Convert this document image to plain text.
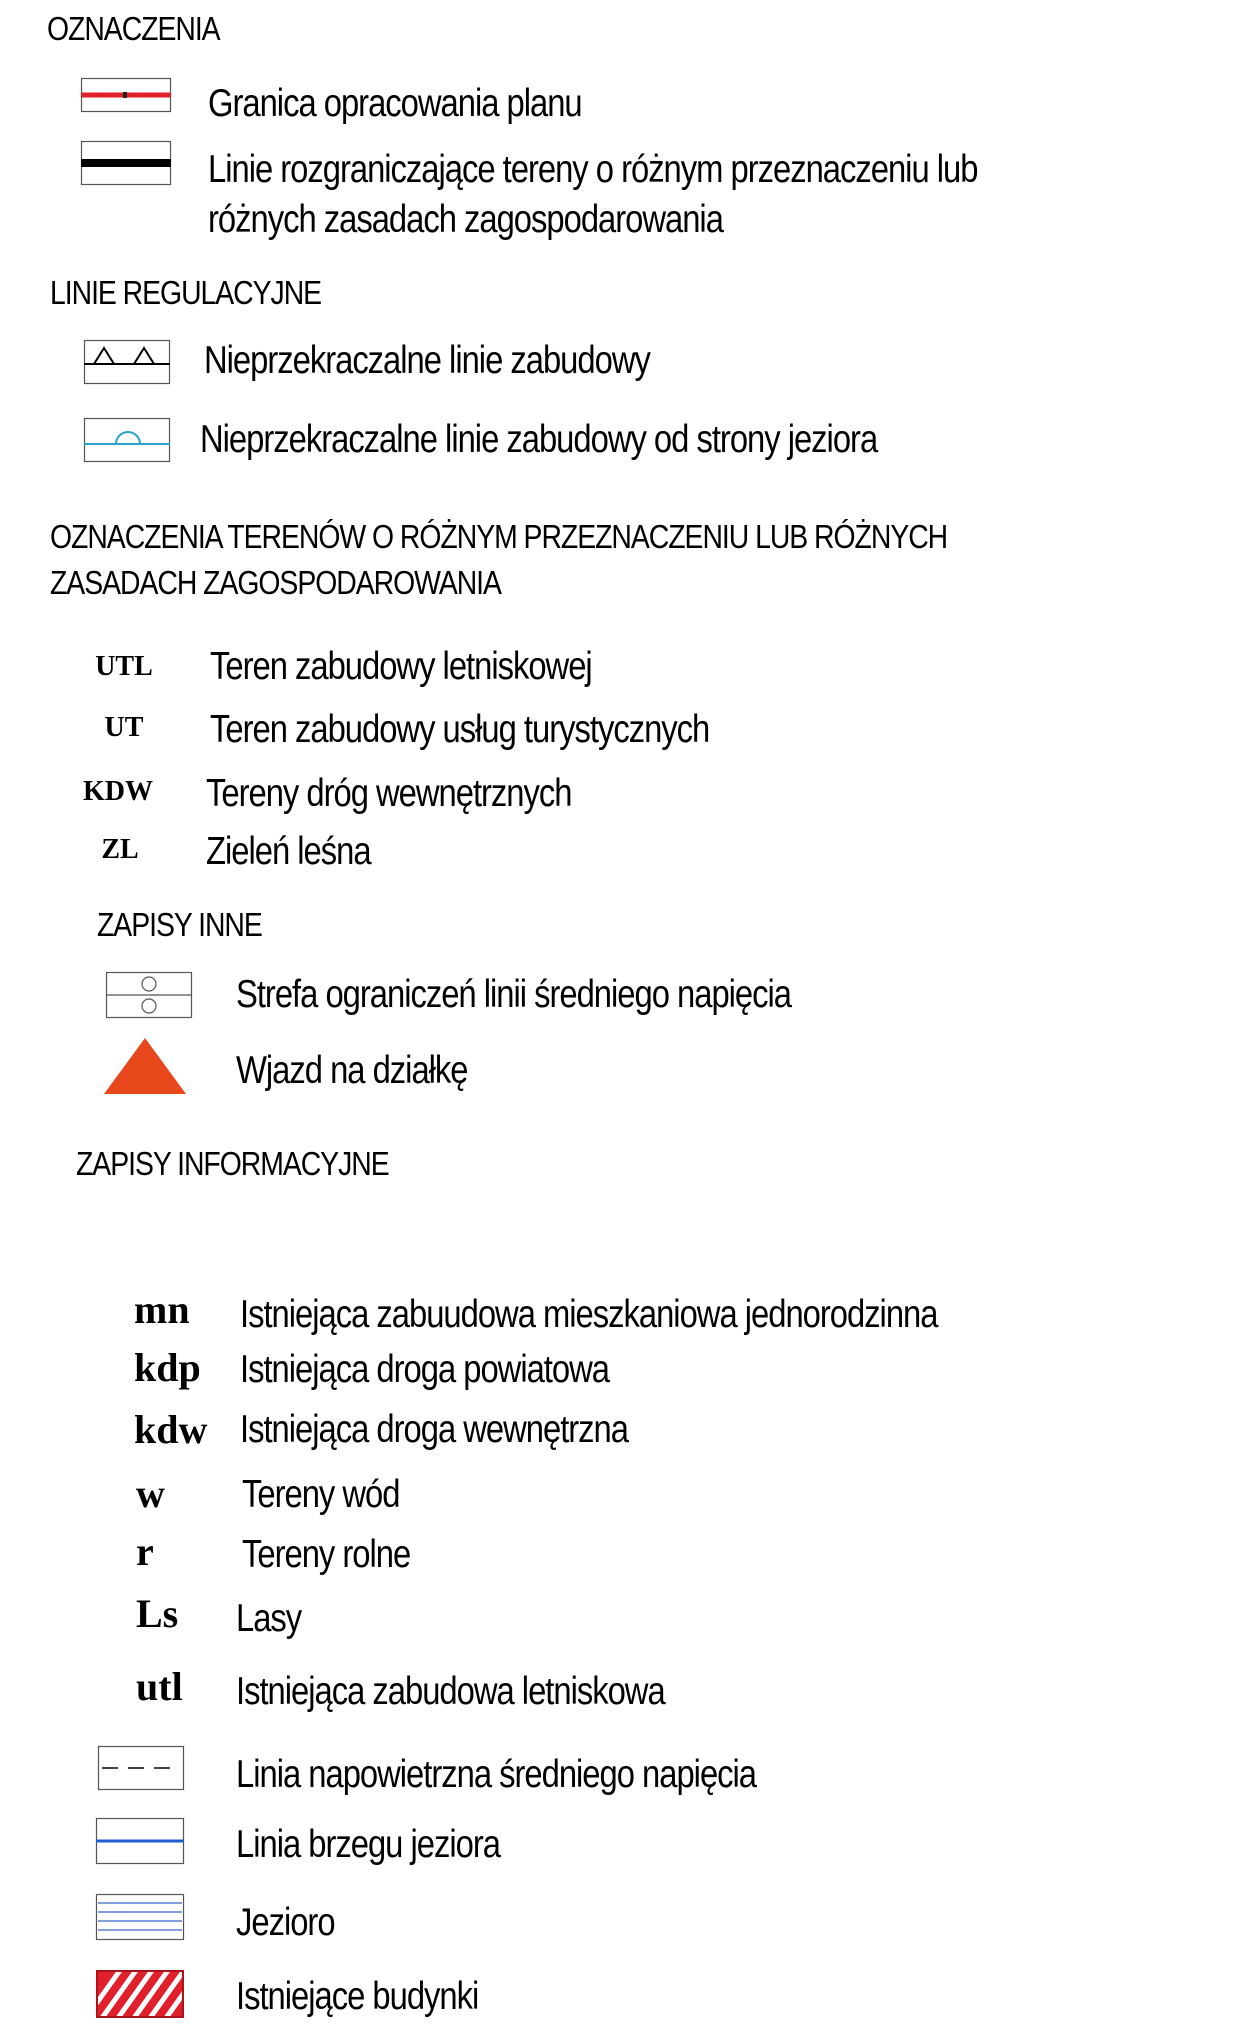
OZNACZENIA
Granica opracowania planu
Linie rozgraniczające tereny o różnym przeznaczeniu lub
różnych zasadach zagospodarowania
LINIE REGULACYJNE
Nieprzekraczalne linie zabudowy
Nieprzekraczalne linie zabudowy od strony jeziora
OZNACZENIA TERENÓW O RÓŻNYM PRZEZNACZENIU LUB RÓŻNYCH
ZASADACH ZAGOSPODAROWANIA
UTL Teren zabudowy letniskowej
UT	Teren zabudowy usług turystycznych
KDW Tereny dróg wewnętrznych
ZL	Zieleń leśna
ZAPISY INNE
Strefa ograniczeń linii średniego napięcia
Wjazd na działkę
ZAPISY INFORMACYJNE
mn Istniejąca zabuudowa mieszkaniowa jednorodzinna
kdp Istniejąca droga powiatowa
kdw Istniejąca droga wewnętrzna
w Tereny wód
r Tereny rolne
Ls Lasy
utl Istniejąca zabudowa letniskowa
Linia napowietrzna średniego napięcia
Linia brzegu jeziora
Jezioro
Istniejące budynki
